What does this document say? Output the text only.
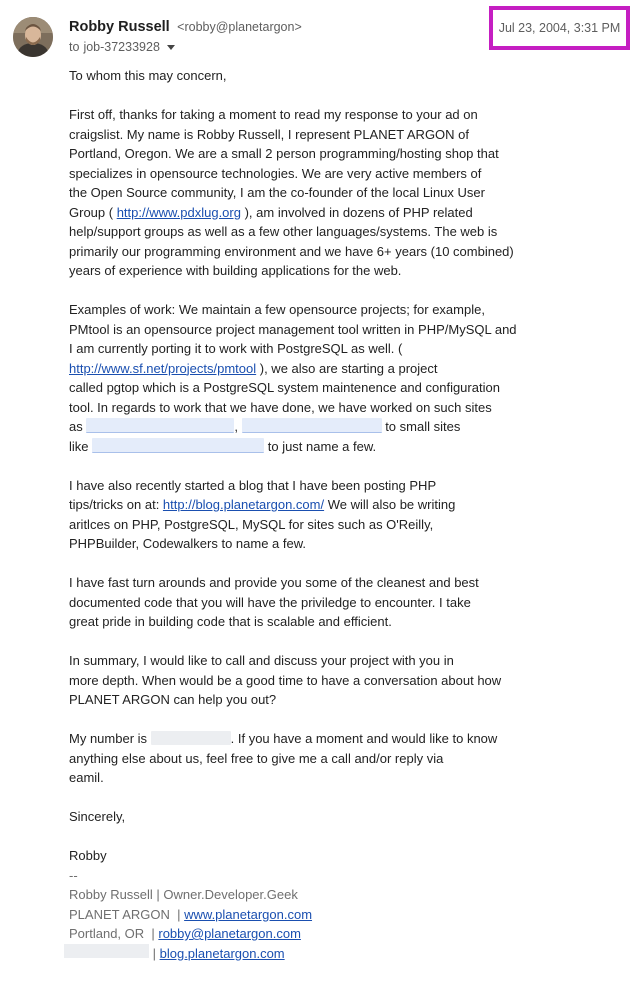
Robby Russell <robby@planetargon>
to job-37233928
Jul 23, 2004, 3:31 PM
To whom this may concern,
First off, thanks for taking a moment to read my response to your ad on
craigslist. My name is Robby Russell, I represent PLANET ARGON of
Portland, Oregon. We are a small 2 person programming/hosting shop that
specializes in opensource technologies. We are very active members of
the Open Source community, I am the co-founder of the local Linux User
Group ( http://www.pdxlug.org ), am involved in dozens of PHP related
help/support groups as well as a few other languages/systems. The web is
primarily our programming environment and we have 6+ years (10 combined)
years of experience with building applications for the web.
Examples of work: We maintain a few opensource projects; for example,
PMtool is an opensource project management tool written in PHP/MySQL and
I am currently porting it to work with PostgreSQL as well. (
http://www.sf.net/projects/pmtool ), we also are starting a project
called pgtop which is a PostgreSQL system maintenence and configuration
tool. In regards to work that we have done, we have worked on such sites
as	,	to small sites
like	to just name a few.
I have also recently started a blog that I have been posting PHP
tips/tricks on at: http://blog.planetargon.com/ We will also be writing
aritlces on PHP, PostgreSQL, MySQL for sites such as O'Reilly,
PHPBuilder, Codewalkers to name a few.
I have fast turn arounds and provide you some of the cleanest and best
documented code that you will have the priviledge to encounter. I take
great pride in building code that is scalable and efficient.
In summary, I would like to call and discuss your project with you in
more depth. When would be a good time to have a conversation about how
PLANET ARGON can help you out?
My number is	. If you have a moment and would like to know
anything else about us, feel free to give me a call and/or reply via
eamil.
Sincerely,
Robby
--
Robby Russell | Owner.Developer.Geek
PLANET ARGON  | www.planetargon.com
Portland, OR  | robby@planetargon.com
| blog.planetargon.com
